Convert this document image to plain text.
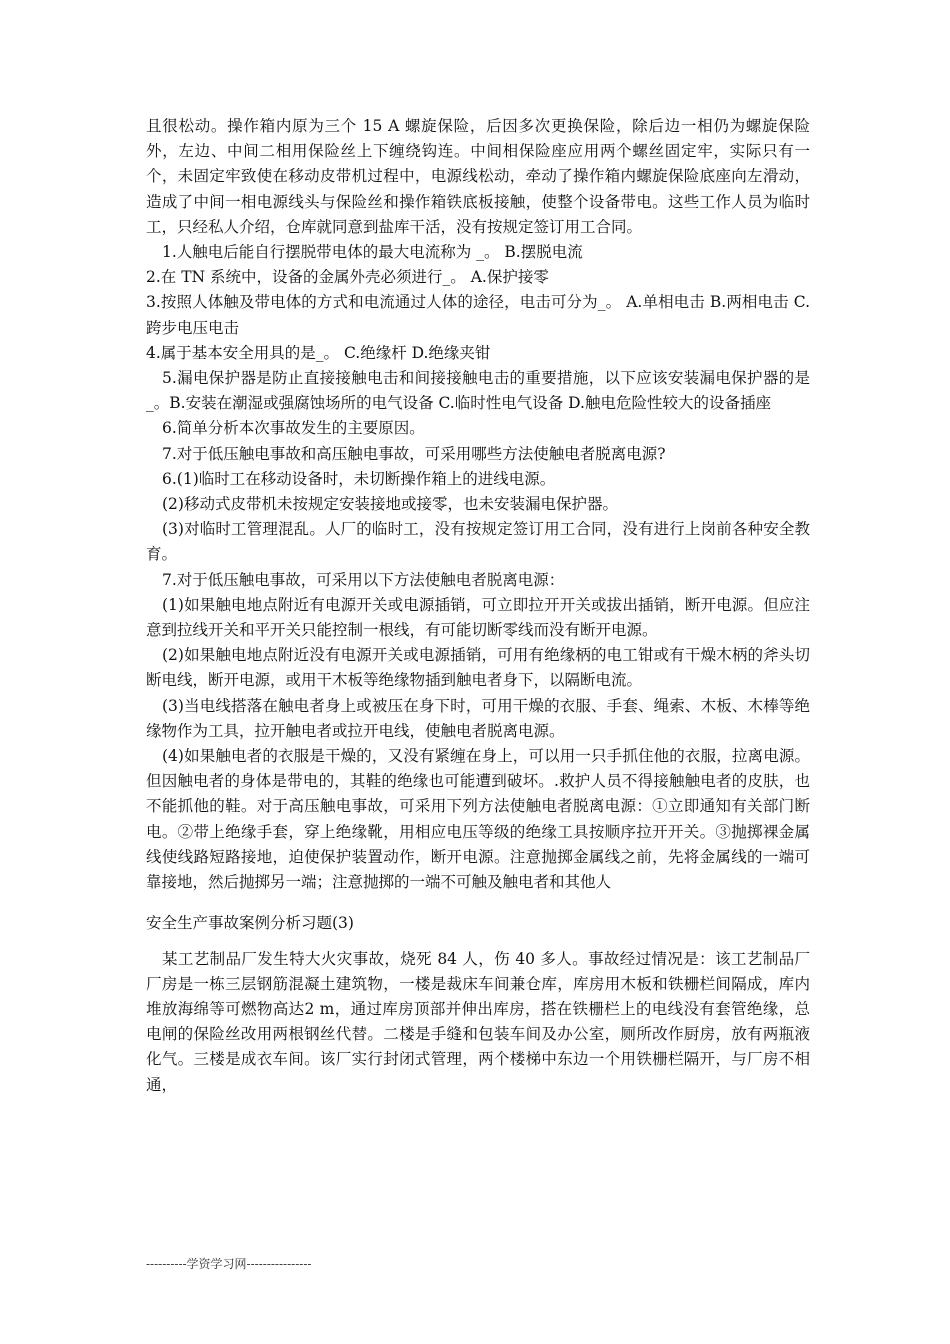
且很松动。操作箱内原为三个 15 A 螺旋保险，后因多次更换保险，除后边一相仍为螺旋保险外，左边、中间二相用保险丝上下缠绕钩连。中间相保险座应用两个螺丝固定牢，实际只有一个，未固定牢致使在移动皮带机过程中，电源线松动，牵动了操作箱内螺旋保险底座向左滑动，造成了中间一相电源线头与保险丝和操作箱铁底板接触，使整个设备带电。这些工作人员为临时工，只经私人介绍，仓库就同意到盐库干活，没有按规定签订用工合同。

1.人触电后能自行摆脱带电体的最大电流称为 _。 B.摆脱电流

2.在 TN 系统中，设备的金属外壳必须进行_。 A.保护接零

3.按照人体触及带电体的方式和电流通过人体的途径，电击可分为_。 A.单相电击 B.两相电击 C.跨步电压电击

4.属于基本安全用具的是_。 C.绝缘杆 D.绝缘夹钳

5.漏电保护器是防止直接接触电击和间接接触电击的重要措施，以下应该安装漏电保护器的是_。B.安装在潮湿或强腐蚀场所的电气设备 C.临时性电气设备 D.触电危险性较大的设备插座

6.简单分析本次事故发生的主要原因。

7.对于低压触电事故和高压触电事故，可采用哪些方法使触电者脱离电源?

6.(1)临时工在移动设备时，未切断操作箱上的进线电源。

(2)移动式皮带机未按规定安装接地或接零，也未安装漏电保护器。

(3)对临时工管理混乱。人厂的临时工，没有按规定签订用工合同，没有进行上岗前各种安全教育。

7.对于低压触电事故，可采用以下方法使触电者脱离电源：

(1)如果触电地点附近有电源开关或电源插销，可立即拉开开关或拔出插销，断开电源。但应注意到拉线开关和平开关只能控制一根线，有可能切断零线而没有断开电源。

(2)如果触电地点附近没有电源开关或电源插销，可用有绝缘柄的电工钳或有干燥木柄的斧头切断电线，断开电源，或用干木板等绝缘物插到触电者身下，以隔断电流。

(3)当电线搭落在触电者身上或被压在身下时，可用干燥的衣服、手套、绳索、木板、木棒等绝缘物作为工具，拉开触电者或拉开电线，使触电者脱离电源。

(4)如果触电者的衣服是干燥的，又没有紧缠在身上，可以用一只手抓住他的衣服，拉离电源。但因触电者的身体是带电的，其鞋的绝缘也可能遭到破坏。.救护人员不得接触触电者的皮肤，也不能抓他的鞋。对于高压触电事故，可采用下列方法使触电者脱离电源：①立即通知有关部门断电。②带上绝缘手套，穿上绝缘靴，用相应电压等级的绝缘工具按顺序拉开开关。③抛掷裸金属线使线路短路接地，迫使保护装置动作，断开电源。注意抛掷金属线之前，先将金属线的一端可靠接地，然后抛掷另一端；注意抛掷的一端不可触及触电者和其他人

安全生产事故案例分析习题(3)

某工艺制品厂发生特大火灾事故，烧死 84 人，伤 40 多人。事故经过情况是：该工艺制品厂厂房是一栋三层钢筋混凝土建筑物，一楼是裁床车间兼仓库，库房用木板和铁栅栏间隔成，库内堆放海绵等可燃物高达2 m，通过库房顶部并伸出库房，搭在铁栅栏上的电线没有套管绝缘，总电闸的保险丝改用两根钢丝代替。二楼是手缝和包装车间及办公室，厕所改作厨房，放有两瓶液化气。三楼是成衣车间。该厂实行封闭式管理，两个楼梯中东边一个用铁栅栏隔开，与厂房不相通，

----------学资学习网----------------
